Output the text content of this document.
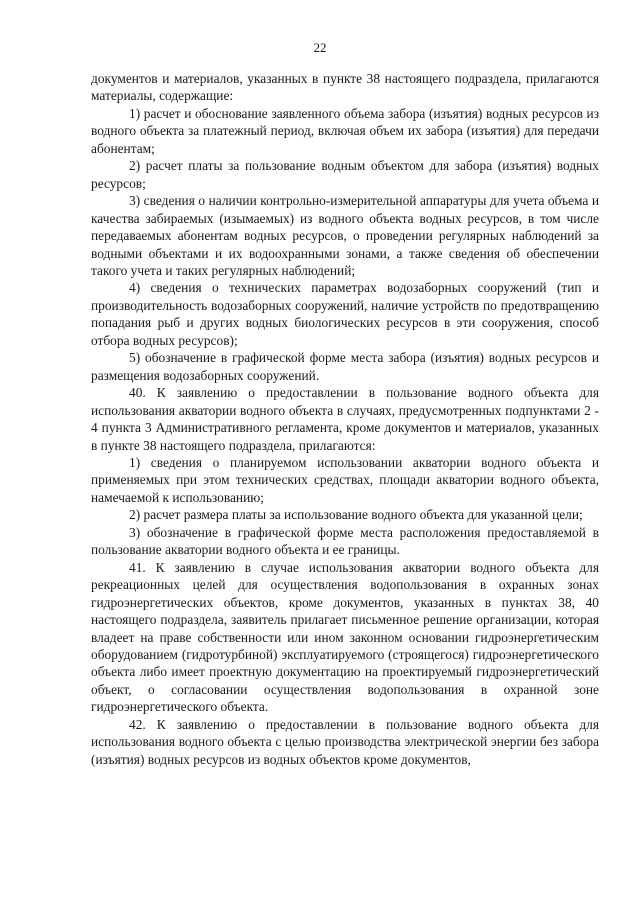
22

документов и материалов, указанных в пункте 38 настоящего подраздела, прилагаются материалы, содержащие:

1) расчет и обоснование заявленного объема забора (изъятия) водных ресурсов из водного объекта за платежный период, включая объем их забора (изъятия) для передачи абонентам;

2) расчет платы за пользование водным объектом для забора (изъятия) водных ресурсов;

3) сведения о наличии контрольно-измерительной аппаратуры для учета объема и качества забираемых (изымаемых) из водного объекта водных ресурсов, в том числе передаваемых абонентам водных ресурсов, о проведении регулярных наблюдений за водными объектами и их водоохранными зонами, а также сведения об обеспечении такого учета и таких регулярных наблюдений;

4) сведения о технических параметрах водозаборных сооружений (тип и производительность водозаборных сооружений, наличие устройств по предотвращению попадания рыб и других водных биологических ресурсов в эти сооружения, способ отбора водных ресурсов);

5) обозначение в графической форме места забора (изъятия) водных ресурсов и размещения водозаборных сооружений.

40. К заявлению о предоставлении в пользование водного объекта для использования акватории водного объекта в случаях, предусмотренных подпунктами 2 - 4 пункта 3 Административного регламента, кроме документов и материалов, указанных в пункте 38 настоящего подраздела, прилагаются:

1) сведения о планируемом использовании акватории водного объекта и применяемых при этом технических средствах, площади акватории водного объекта, намечаемой к использованию;

2) расчет размера платы за использование водного объекта для указанной цели;

3) обозначение в графической форме места расположения предоставляемой в пользование акватории водного объекта и ее границы.

41. К заявлению в случае использования акватории водного объекта для рекреационных целей для осуществления водопользования в охранных зонах гидроэнергетических объектов, кроме документов, указанных в пунктах 38, 40 настоящего подраздела, заявитель прилагает письменное решение организации, которая владеет на праве собственности или ином законном основании гидроэнергетическим оборудованием (гидротурбиной) эксплуатируемого (строящегося) гидроэнергетического объекта либо имеет проектную документацию на проектируемый гидроэнергетический объект, о согласовании осуществления водопользования в охранной зоне гидроэнергетического объекта.

42. К заявлению о предоставлении в пользование водного объекта для использования водного объекта с целью производства электрической энергии без забора (изъятия) водных ресурсов из водных объектов кроме документов,
